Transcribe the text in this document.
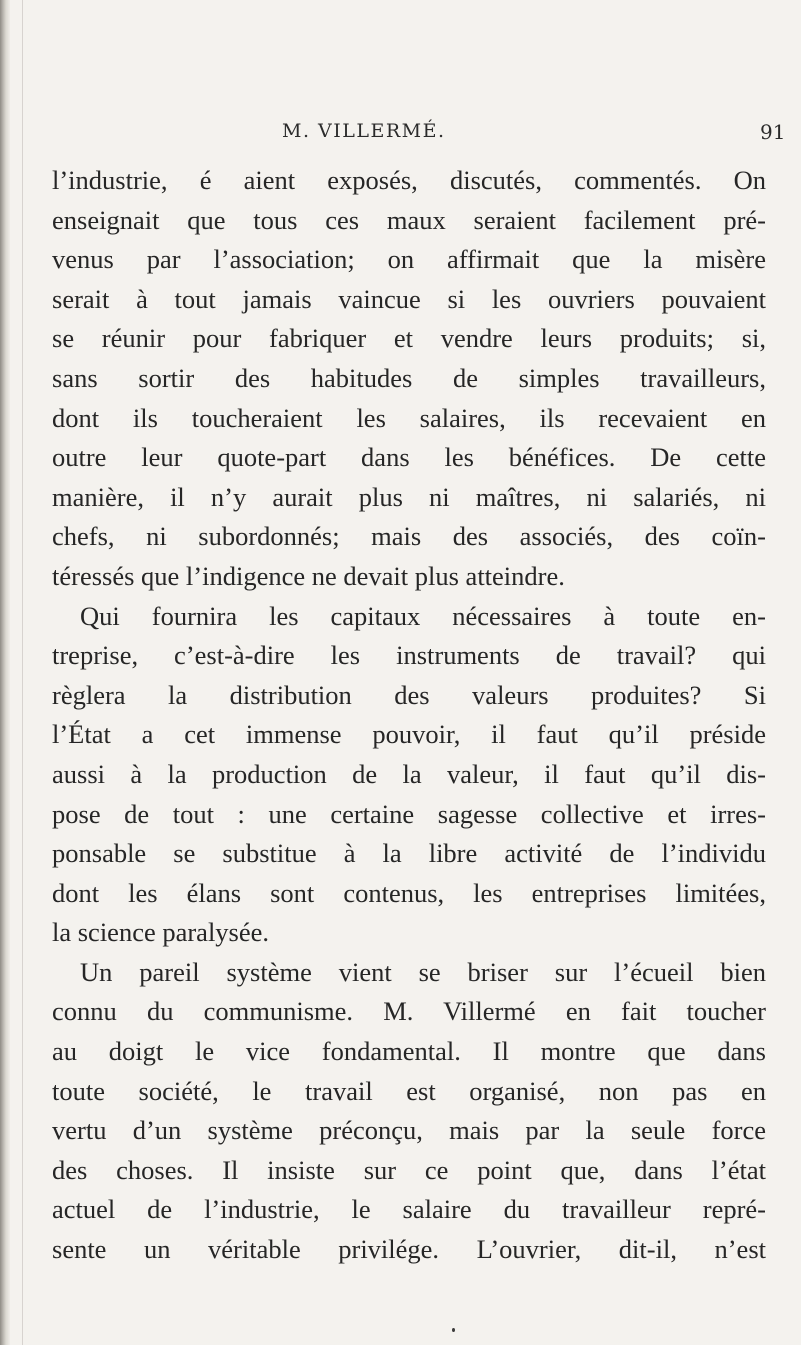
M. VILLERMÉ.	91
l’industrie, é aient exposés, discutés, commentés. On
enseignait que tous ces maux seraient facilement pré-
venus par l’association; on affirmait que la misère
serait à tout jamais vaincue si les ouvriers pouvaient
se réunir pour fabriquer et vendre leurs produits; si,
sans sortir des habitudes de simples travailleurs,
dont ils toucheraient les salaires, ils recevaient en
outre leur quote-part dans les bénéfices. De cette
manière, il n’y aurait plus ni maîtres, ni salariés, ni
chefs, ni subordonnés; mais des associés, des coïn-
téressés que l’indigence ne devait plus atteindre.
Qui fournira les capitaux nécessaires à toute en-
treprise, c’est-à-dire les instruments de travail? qui
règlera la distribution des valeurs produites? Si
l’État a cet immense pouvoir, il faut qu’il préside
aussi à la production de la valeur, il faut qu’il dis-
pose de tout : une certaine sagesse collective et irres-
ponsable se substitue à la libre activité de l’individu
dont les élans sont contenus, les entreprises limitées,
la science paralysée.
Un pareil système vient se briser sur l’écueil bien
connu du communisme. M. Villermé en fait toucher
au doigt le vice fondamental. Il montre que dans
toute société, le travail est organisé, non pas en
vertu d’un système préconçu, mais par la seule force
des choses. Il insiste sur ce point que, dans l’état
actuel de l’industrie, le salaire du travailleur repré-
sente un véritable privilége. L’ouvrier, dit-il, n’est
